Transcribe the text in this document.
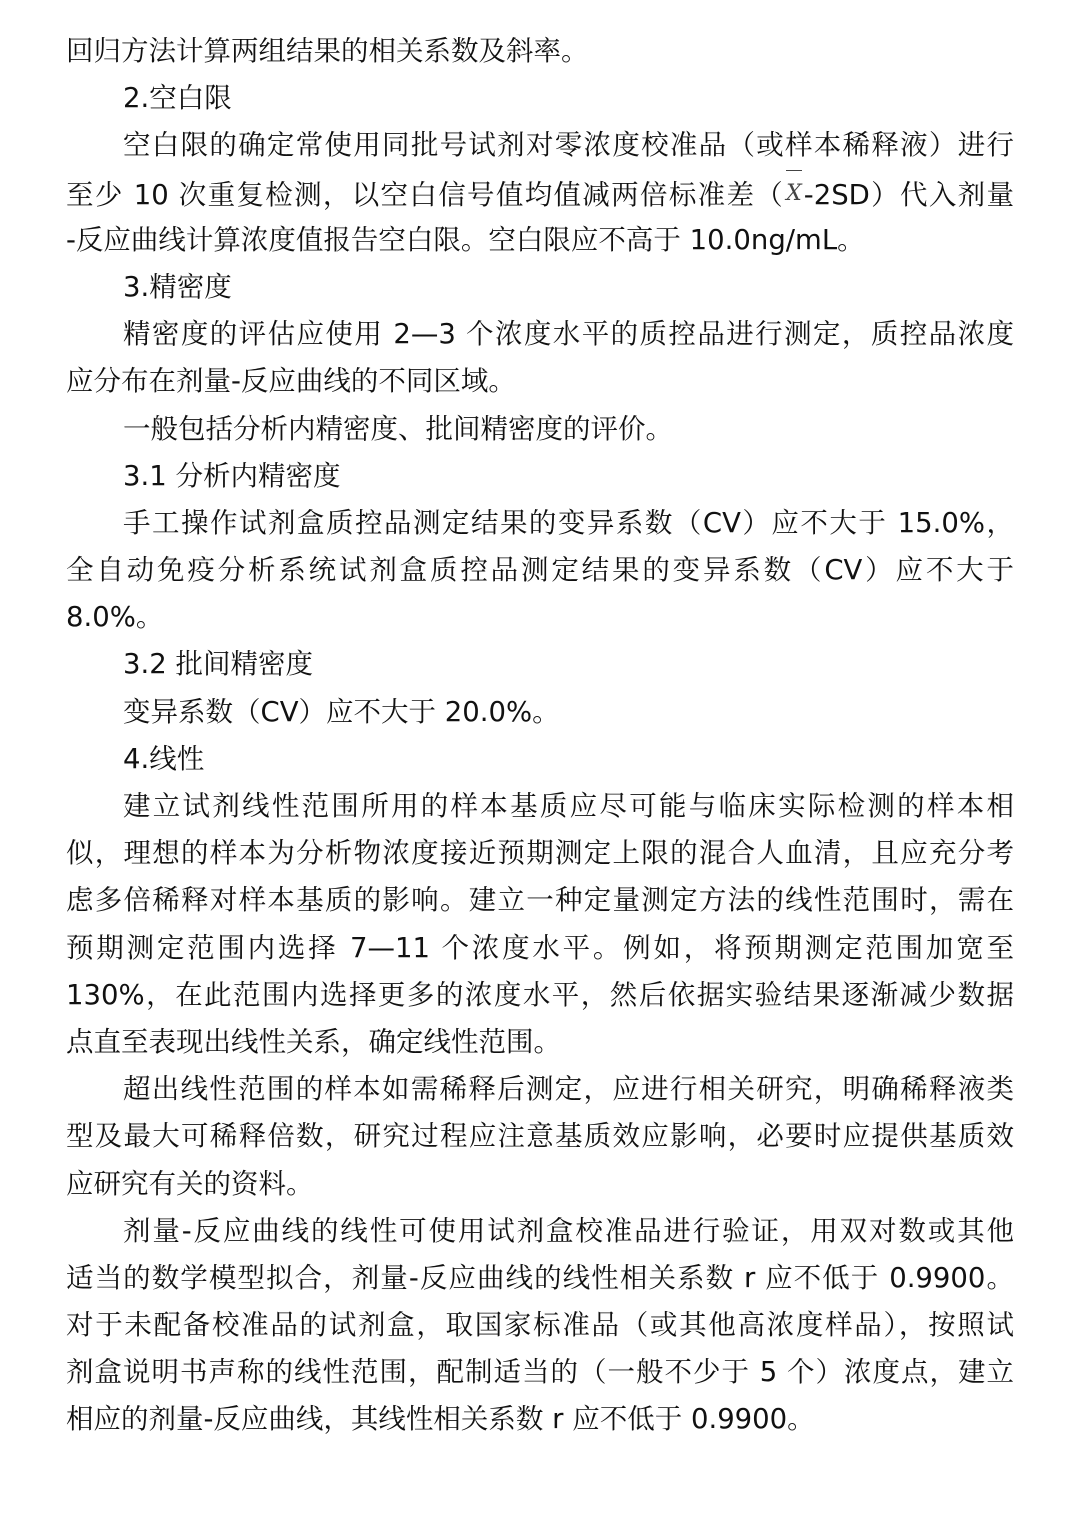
回归方法计算两组结果的相关系数及斜率。
2.空白限
空白限的确定常使用同批号试剂对零浓度校准品（或样本稀释液）进行
至少 10 次重复检测，以空白信号值均值减两倍标准差（X-2SD）代入剂量
-反应曲线计算浓度值报告空白限。空白限应不高于 10.0ng/mL。
3.精密度
精密度的评估应使用 2—3 个浓度水平的质控品进行测定，质控品浓度
应分布在剂量-反应曲线的不同区域。
一般包括分析内精密度、批间精密度的评价。
3.1 分析内精密度
手工操作试剂盒质控品测定结果的变异系数（CV）应不大于 15.0%，
全自动免疫分析系统试剂盒质控品测定结果的变异系数（CV）应不大于
8.0%。
3.2 批间精密度
变异系数（CV）应不大于 20.0%。
4.线性
建立试剂线性范围所用的样本基质应尽可能与临床实际检测的样本相
似，理想的样本为分析物浓度接近预期测定上限的混合人血清，且应充分考
虑多倍稀释对样本基质的影响。建立一种定量测定方法的线性范围时，需在
预期测定范围内选择 7—11 个浓度水平。例如，将预期测定范围加宽至
130%，在此范围内选择更多的浓度水平，然后依据实验结果逐渐减少数据
点直至表现出线性关系，确定线性范围。
超出线性范围的样本如需稀释后测定，应进行相关研究，明确稀释液类
型及最大可稀释倍数，研究过程应注意基质效应影响，必要时应提供基质效
应研究有关的资料。
剂量-反应曲线的线性可使用试剂盒校准品进行验证，用双对数或其他
适当的数学模型拟合，剂量-反应曲线的线性相关系数 r 应不低于 0.9900。
对于未配备校准品的试剂盒，取国家标准品（或其他高浓度样品），按照试
剂盒说明书声称的线性范围，配制适当的（一般不少于 5 个）浓度点，建立
相应的剂量-反应曲线，其线性相关系数 r 应不低于 0.9900。
